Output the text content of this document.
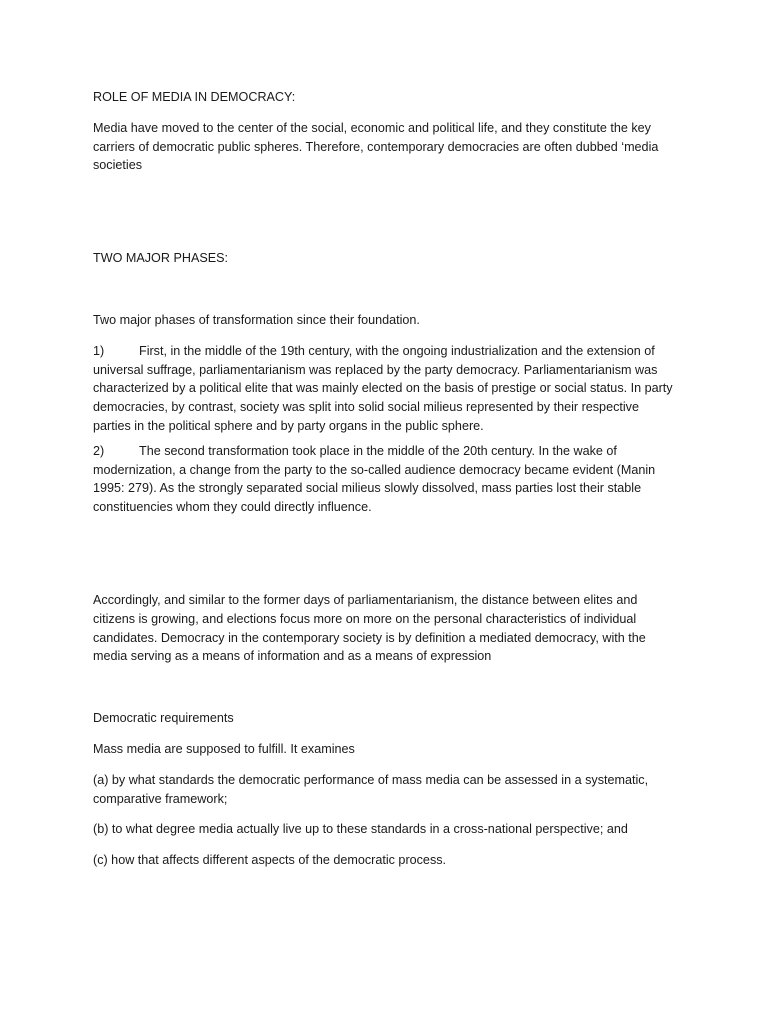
ROLE OF MEDIA IN DEMOCRACY:

Media have moved to the center of the social, economic and political life, and they constitute the key carriers of democratic public spheres. Therefore, contemporary democracies are often dubbed ‘media societies

TWO MAJOR PHASES:

Two major phases of transformation since their foundation.

1)	First, in the middle of the 19th century, with the ongoing industrialization and the extension of universal suffrage, parliamentarianism was replaced by the party democracy. Parliamentarianism was characterized by a political elite that was mainly elected on the basis of prestige or social status. In party democracies, by contrast, society was split into solid social milieus represented by their respective parties in the political sphere and by party organs in the public sphere.

2)	The second transformation took place in the middle of the 20th century. In the wake of modernization, a change from the party to the so-called audience democracy became evident (Manin 1995: 279). As the strongly separated social milieus slowly dissolved, mass parties lost their stable constituencies whom they could directly influence.

Accordingly, and similar to the former days of parliamentarianism, the distance between elites and citizens is growing, and elections focus more on more on the personal characteristics of individual candidates. Democracy in the contemporary society is by definition a mediated democracy, with the media serving as a means of information and as a means of expression

Democratic requirements

Mass media are supposed to fulfill. It examines

(a) by what standards the democratic performance of mass media can be assessed in a systematic, comparative framework;

(b) to what degree media actually live up to these standards in a cross-national perspective; and

(c) how that affects different aspects of the democratic process.
